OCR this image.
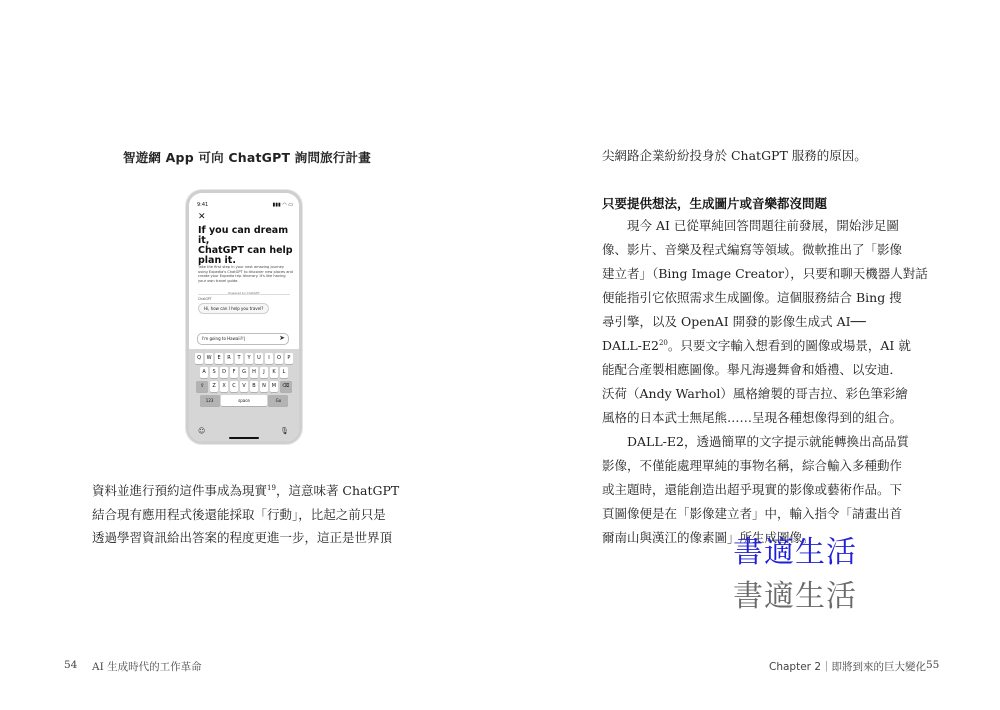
智遊網 App 可向 ChatGPT 詢問旅行計畫
9:41	▮▮▮ ◠ ▭
✕
If you can dream it,
ChatGPT can help
plan it.
Take the first step in your next amazing journey using Expedia's ChatGPT to discover new places and create your Expedia trip itinerary. It's like having your own travel guide.
Powered by ChatGPT
ChatGPT
Hi, how can I help you travel?
I'm going to Hawaii!!|	➤
Q	W	E	R	T	Y	U	I	O	P
A	S	D	F	G	H	J	K	L
⇧	Z	X	C	V	B	N	M	⌫
123	space	Go
☺	🎙
資料並進行預約這件事成為現實$^{19}$，這意味著 ChatGPT
結合現有應用程式後還能採取「行動」，比起之前只是
透過學習資訊給出答案的程度更進一步，這正是世界頂
54 AI 生成時代的工作革命
尖網路企業紛紛投身於 ChatGPT 服務的原因。
只要提供想法，生成圖片或音樂都沒問題
　　現今 AI 已從單純回答問題往前發展，開始涉足圖
像、影片、音樂及程式編寫等領域。微軟推出了「影像
建立者」（Bing Image Creator），只要和聊天機器人對話
便能指引它依照需求生成圖像。這個服務結合 Bing 搜
尋引擎，以及 OpenAI 開發的影像生成式 AI──
DALL-$E2^{20}$。只要文字輸入想看到的圖像或場景，AI 就
能配合產製相應圖像。舉凡海邊舞會和婚禮、以安迪．
沃荷（Andy Warhol）風格繪製的哥吉拉、彩色筆彩繪
風格的日本武士無尾熊……呈現各種想像得到的組合。
　　DALL-E2，透過簡單的文字提示就能轉換出高品質
影像，不僅能處理單純的事物名稱，綜合輸入多種動作
或主題時，還能創造出超乎現實的影像或藝術作品。下
頁圖像便是在「影像建立者」中，輸入指令「請畫出首
爾南山與漢江的像素圖」所生成圖像。
書適生活
書適生活
Chapter 2｜即將到來的巨大變化 55
